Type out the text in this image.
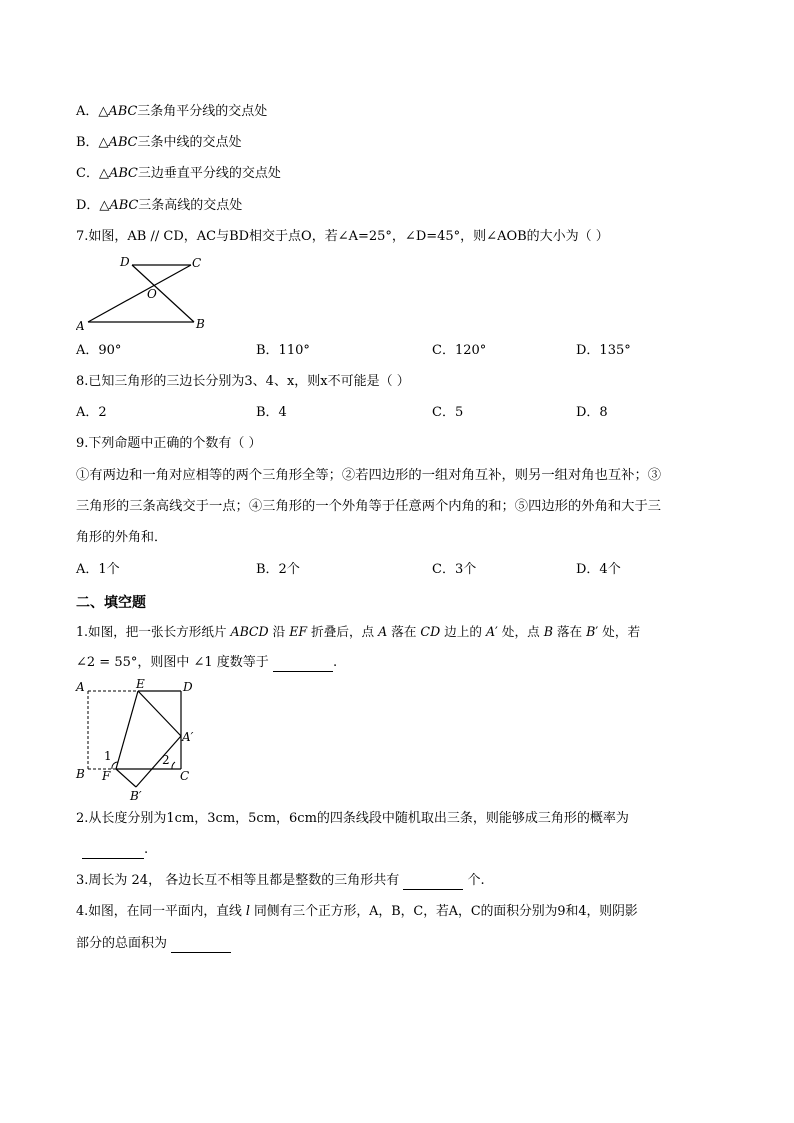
A．△𝐴𝐵𝐶三条角平分线的交点处
B．△𝐴𝐵𝐶三条中线的交点处
C．△𝐴𝐵𝐶三边垂直平分线的交点处
D．△𝐴𝐵𝐶三条高线的交点处
7.如图，AB // CD，AC与BD相交于点O，若∠A=25°，∠D=45°，则∠AOB的大小为（ ）
D	C
O
A	B
A．90°	B．110°	C．120°	D．135°
8.已知三角形的三边长分别为3、4、x，则x不可能是（ ）
A．2	B．4	C．5	D．8
9.下列命题中正确的个数有（ ）
①有两边和一角对应相等的两个三角形全等；②若四边形的一组对角互补，则另一组对角也互补；③
三角形的三条高线交于一点；④三角形的一个外角等于任意两个内角的和；⑤四边形的外角和大于三
角形的外角和．
A．1个	B．2个	C．3个	D．4个
二、填空题
1.如图，把一张长方形纸片 𝐴𝐵𝐶𝐷 沿 𝐸𝐹 折叠后，点 𝐴 落在 𝐶𝐷 边上的 𝐴′ 处，点 𝐵 落在 𝐵′ 处，若
∠2 = 55°，则图中 ∠1 度数等于	.
A	E	D
A′
1	2
B F	C
B′
2.从长度分别为1cm，3cm，5cm，6cm的四条线段中随机取出三条，则能够成三角形的概率为
.
3.周长为 24， 各边长互不相等且都是整数的三角形共有	个.
4.如图，在同一平面内，直线 𝑙 同侧有三个正方形，A，B，C，若A，C的面积分别为9和4，则阴影
部分的总面积为
